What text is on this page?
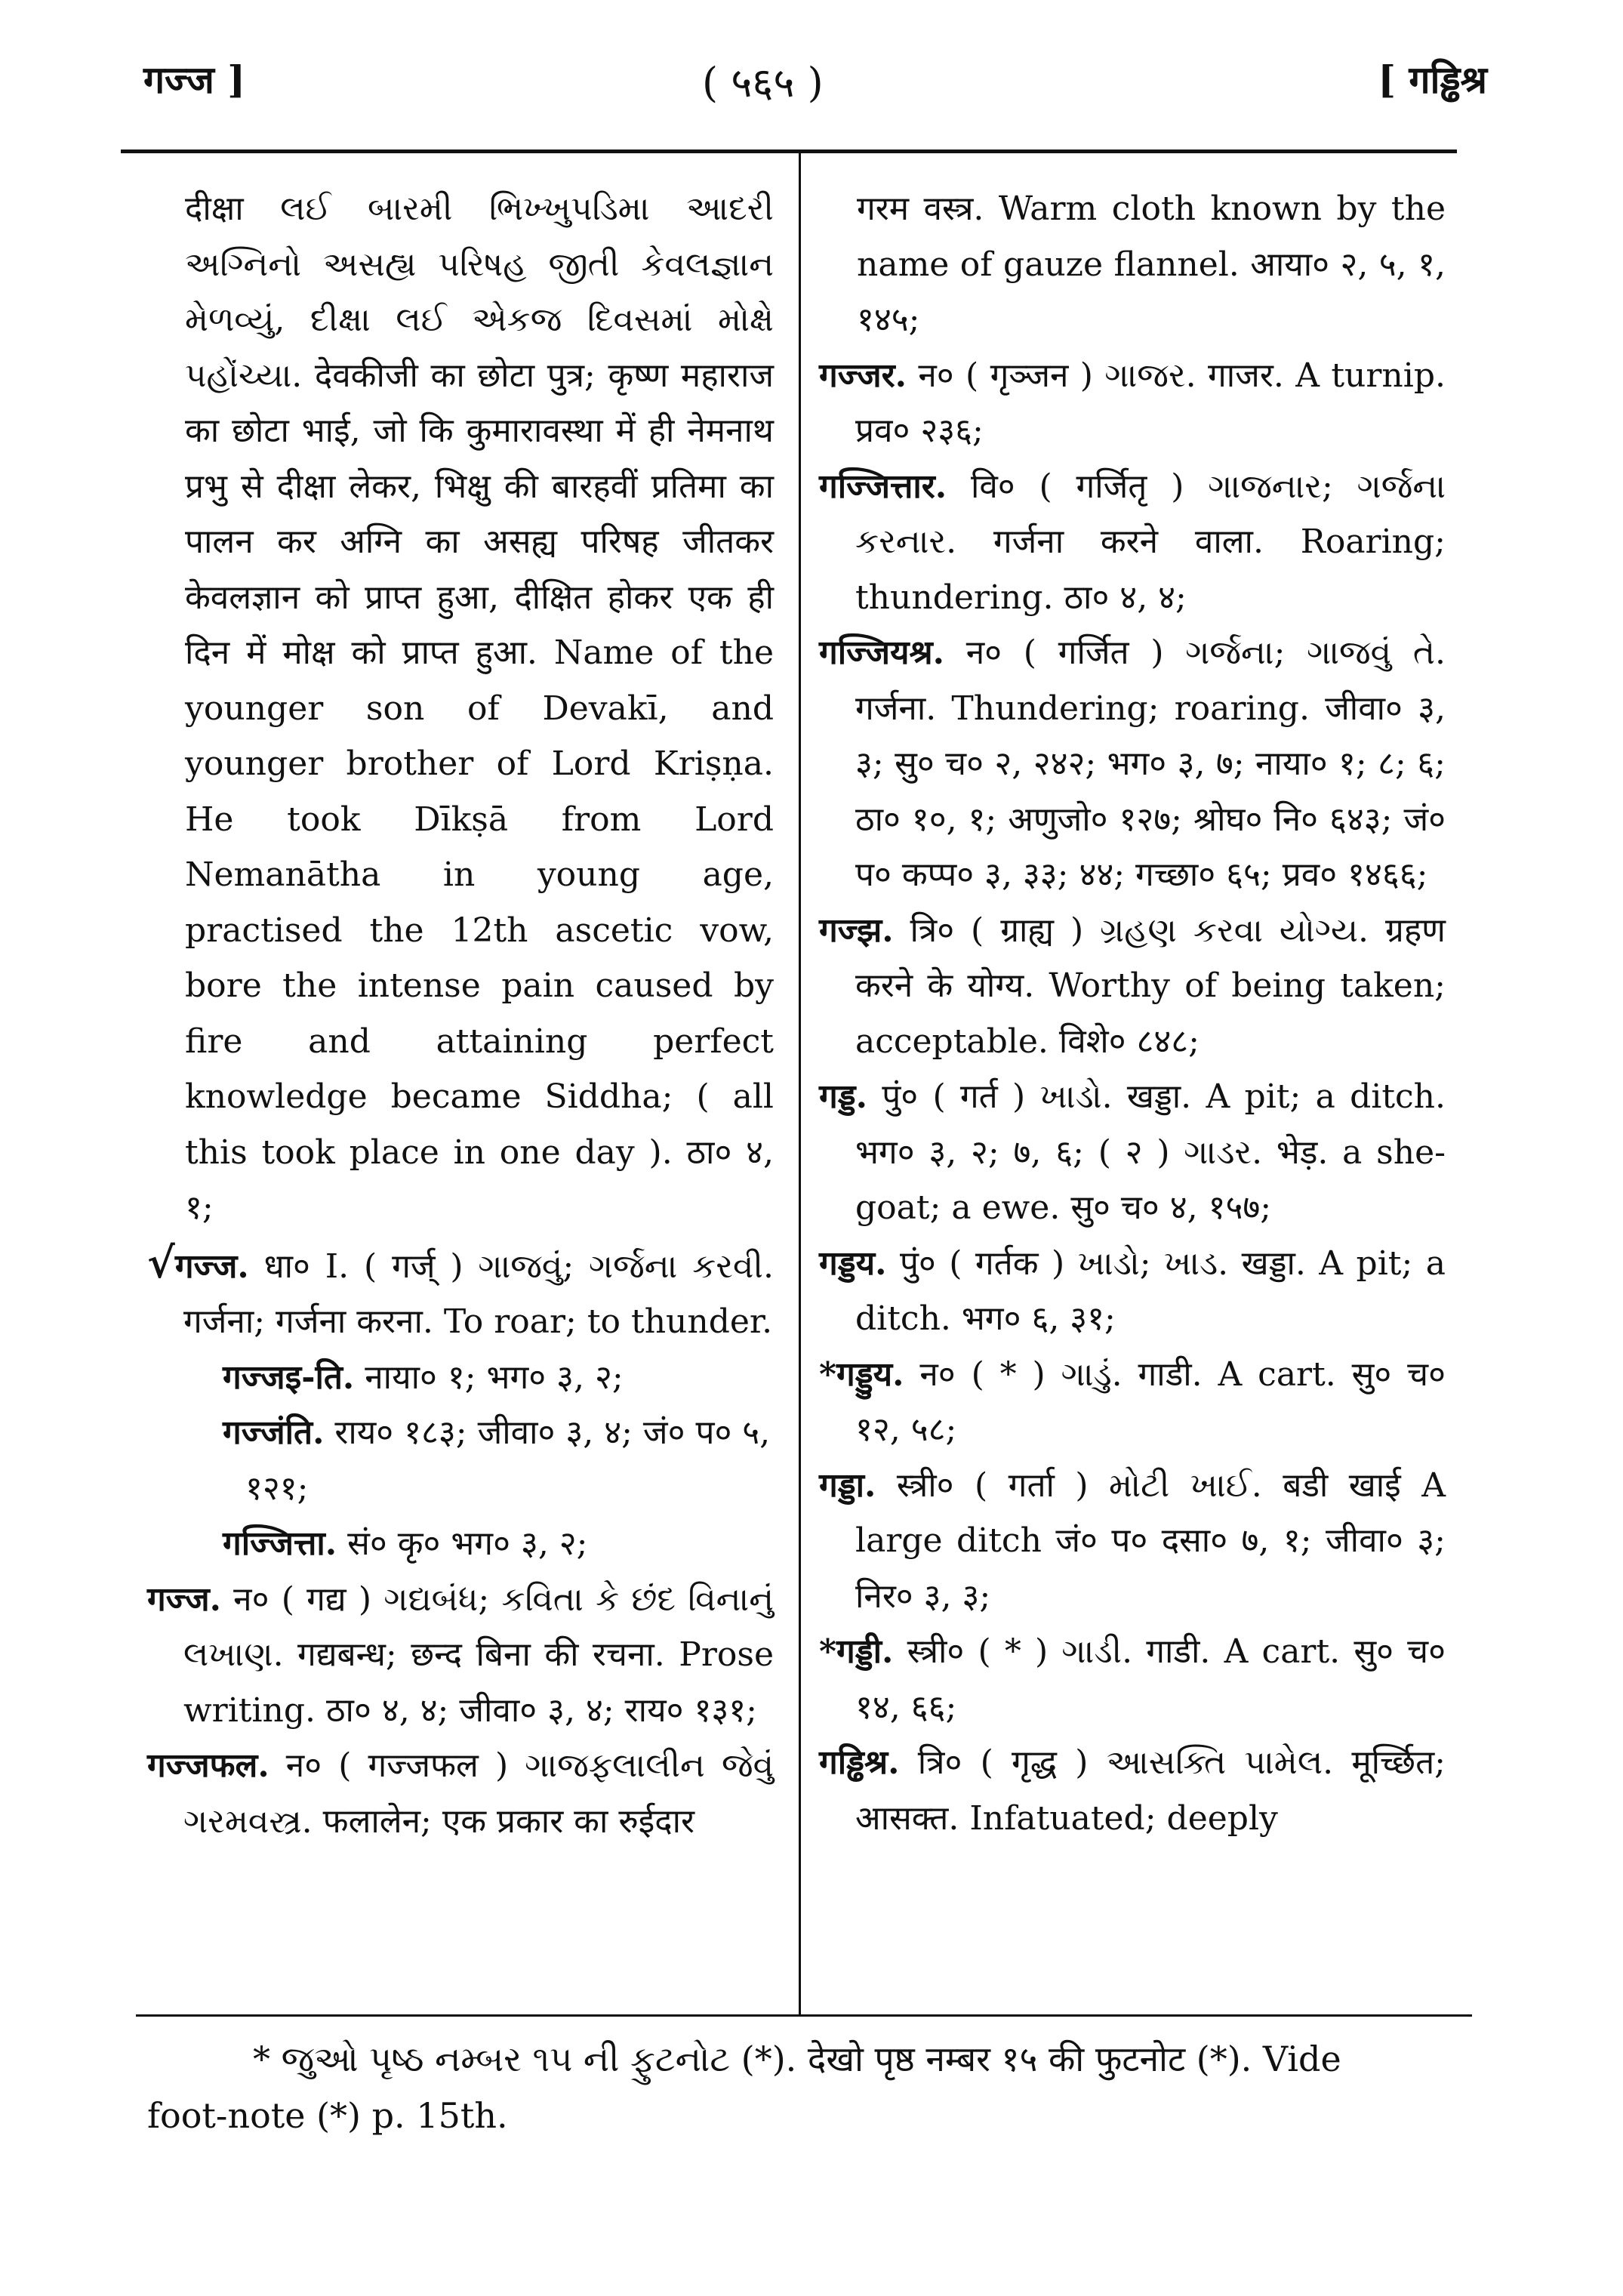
गज्ज ]	( ५६५ )	[ गड्ढिश्र

दीक्षा લઈ બારમી ભિખ્ખુપડિમા આદરી અગ્નિનો અસહ્ય પરિષહ જીતી કેવલજ્ઞાન મેળવ્યું, દીક્ષા લઈ એકજ દિવસમાં મોક્ષે પહોંચ્યા. देवकीजी का छोटा पुत्र; कृष्ण महाराज का छोटा भाई, जो कि कुमारावस्था में ही नेमनाथ प्रभु से दीक्षा लेकर, भिक्षु की बारहवीं प्रतिमा का पालन कर अग्नि का असह्य परिषह जीतकर केवलज्ञान को प्राप्त हुआ, दीक्षित होकर एक ही दिन में मोक्ष को प्राप्त हुआ. Name of the younger son of Devakī, and younger brother of Lord Kriṣṇa. He took Dīkṣā from Lord Nemanātha in young age, practised the 12th ascetic vow, bore the intense pain caused by fire and attaining perfect knowledge became Siddha; ( all this took place in one day ). ठा० ४, १;

√गज्ज. धा० I. ( गर्ज् ) ગાજવું; ગર્જના કરવી. गर्जना; गर्जना करना. To roar; to thunder.

गज्जइ-ति. नाया० १; भग० ३, २;

गज्जंति. राय० १८३; जीवा० ३, ४; जं० प० ५, १२१;

गज्जित्ता. सं० कृ० भग० ३, २;

गज्ज. न० ( गद्य ) ગદ્યબંધ; કવિતા કે છંદ વિનાનું લખાણ. गद्यबन्ध; छन्द बिना की रचना. Prose writing. ठा० ४, ४; जीवा० ३, ४; राय० १३१;

गज्जफल. न० ( गज्जफल ) ગાજફલાલીન જેવું ગરમવસ્ત્ર. फलालेन; एक प्रकार का रुईदार

गरम वस्त्र. Warm cloth known by the name of gauze flannel. आया० २, ५, १, १४५;

गज्जर. न० ( गृञ्जन ) ગાજર. गाजर. A turnip. प्रव० २३६;

गज्जित्तार. वि० ( गर्जितृ ) ગાજનાર; ગર્જના કરનાર. गर्जना करने वाला. Roaring; thundering. ठा० ४, ४;

गज्जियश्र. न० ( गर्जित ) ગર્જના; ગાજવું તે. गर्जना. Thundering; roaring. जीवा० ३, ३; सु० च० २, २४२; भग० ३, ७; नाया० १; ८; ६; ठा० १०, १; अणुजो० १२७; श्रोघ० नि० ६४३; जं० प० कप्प० ३, ३३; ४४; गच्छा० ६५; प्रव० १४६६;

गज्झ. त्रि० ( ग्राह्य ) ગ્રહણ કરવા યોગ્ય. ग्रहण करने के योग्य. Worthy of being taken; acceptable. विशे० ८४८;

गड्ड. पुं० ( गर्त ) ખાડો. खड्डा. A pit; a ditch. भग० ३, २; ७, ६; ( २ ) ગાડર. भेड़. a she-goat; a ewe. सु० च० ४, १५७;

गड्डय. पुं० ( गर्तक ) ખાડો; ખાડ. खड्डा. A pit; a ditch. भग० ६, ३१;

*गड्डुय. न० ( * ) ગાડું. गाडी. A cart. सु० च० १२, ५८;

गड्डा. स्त्री० ( गर्ता ) મોટી ખાઈ. बडी खाई A large ditch जं० प० दसा० ७, १; जीवा० ३; निर० ३, ३;

*गड्डी. स्त्री० ( * ) ગાડી. गाडी. A cart. सु० च० १४, ६६;

गड्ढिश्र. त्रि० ( गृद्ध ) આસક્તિ પામેલ. मूर्च्छित; आसक्त. Infatuated; deeply

* જુઓ પૃષ્ઠ નમ્બર ૧૫ ની ફુટનોટ (*). देखो पृष्ठ नम्बर १५ की फुटनोट (*). Vide
foot-note (*) p. 15th.
